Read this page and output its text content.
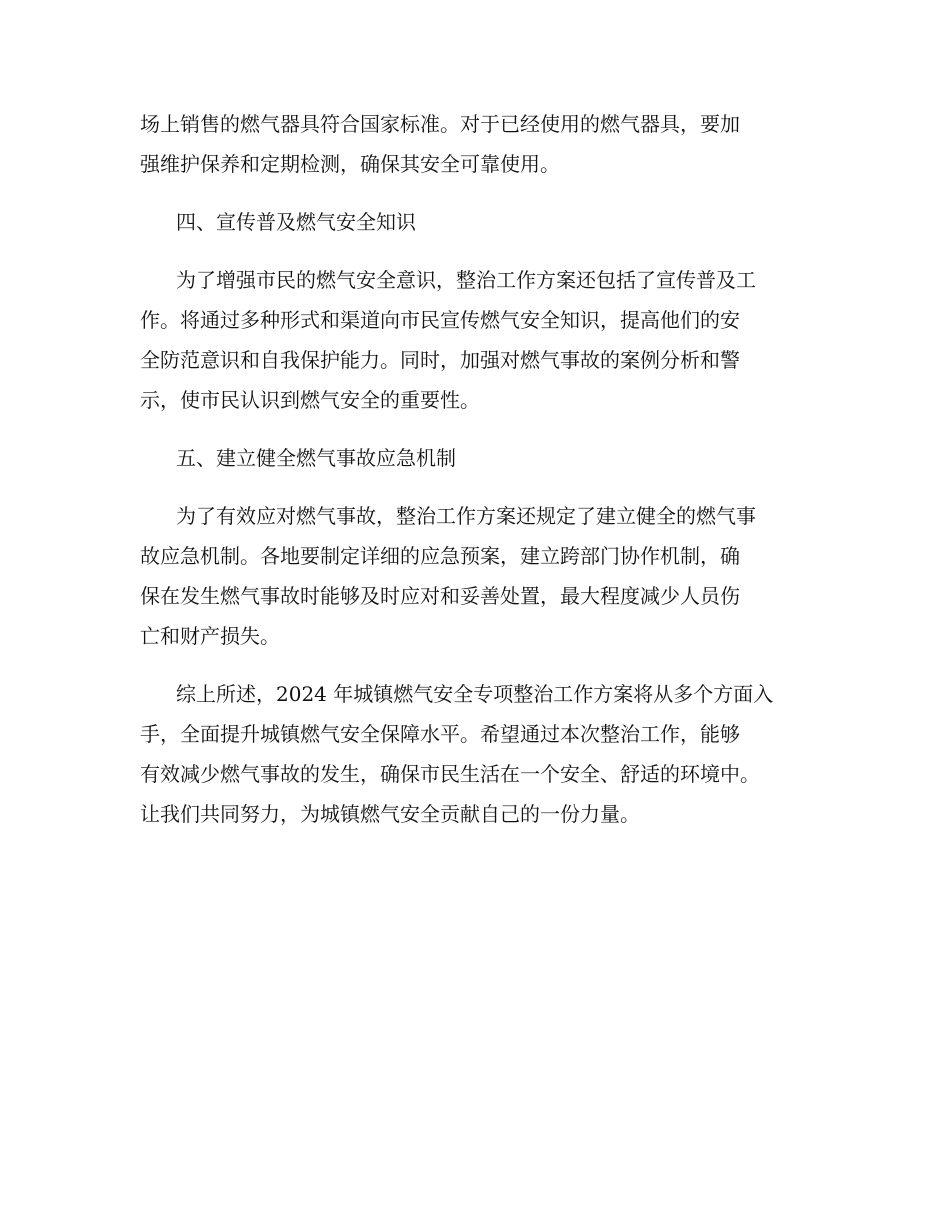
场上销售的燃气器具符合国家标准。对于已经使用的燃气器具，要加
强维护保养和定期检测，确保其安全可靠使用。
四、宣传普及燃气安全知识
为了增强市民的燃气安全意识，整治工作方案还包括了宣传普及工
作。将通过多种形式和渠道向市民宣传燃气安全知识，提高他们的安
全防范意识和自我保护能力。同时，加强对燃气事故的案例分析和警
示，使市民认识到燃气安全的重要性。
五、建立健全燃气事故应急机制
为了有效应对燃气事故，整治工作方案还规定了建立健全的燃气事
故应急机制。各地要制定详细的应急预案，建立跨部门协作机制，确
保在发生燃气事故时能够及时应对和妥善处置，最大程度减少人员伤
亡和财产损失。
综上所述，2024 年城镇燃气安全专项整治工作方案将从多个方面入
手，全面提升城镇燃气安全保障水平。希望通过本次整治工作，能够
有效减少燃气事故的发生，确保市民生活在一个安全、舒适的环境中。
让我们共同努力，为城镇燃气安全贡献自己的一份力量。
